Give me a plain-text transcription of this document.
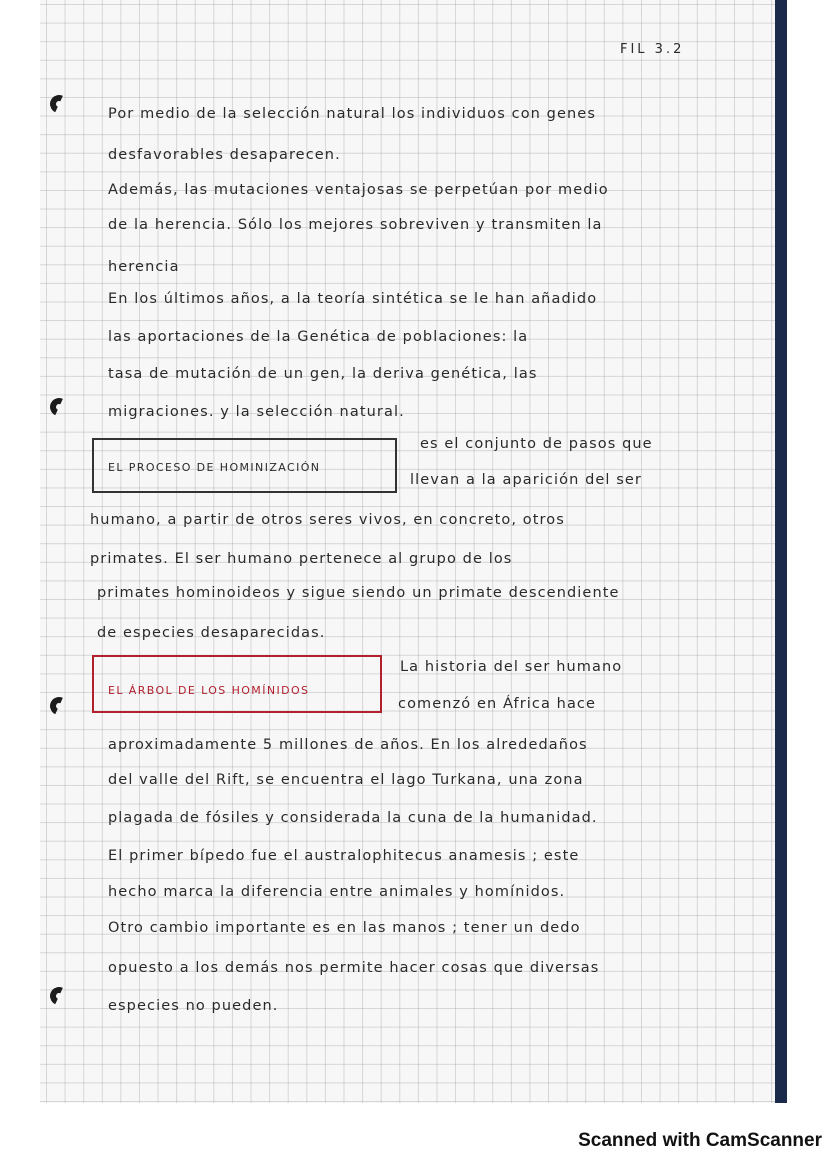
FIL 3.2
Por medio de la selección natural los individuos con genes
desfavorables desaparecen.
Además, las mutaciones ventajosas se perpetúan por medio
de la herencia. Sólo los mejores sobreviven y transmiten la
herencia
En los últimos años, a la teoría sintética se le han añadido
las aportaciones de la Genética de poblaciones: la
tasa de mutación de un gen, la deriva genética, las
migraciones. y la selección natural.
EL PROCESO DE HOMINIZACIÓN
es el conjunto de pasos que
llevan a la aparición del ser
humano, a partir de otros seres vivos, en concreto, otros
primates. El ser humano pertenece al grupo de los
primates hominoideos y sigue siendo un primate descendiente
de especies desaparecidas.
EL ÁRBOL DE LOS HOMÍNIDOS
La historia del ser humano
comenzó en África hace
aproximadamente 5 millones de años. En los alrededaños
del valle del Rift, se encuentra el lago Turkana, una zona
plagada de fósiles y considerada la cuna de la humanidad.
El primer bípedo fue el australophitecus anamesis ; este
hecho marca la diferencia entre animales y homínidos.
Otro cambio importante es en las manos ; tener un dedo
opuesto a los demás nos permite hacer cosas que diversas
especies no pueden.
Scanned with CamScanner
